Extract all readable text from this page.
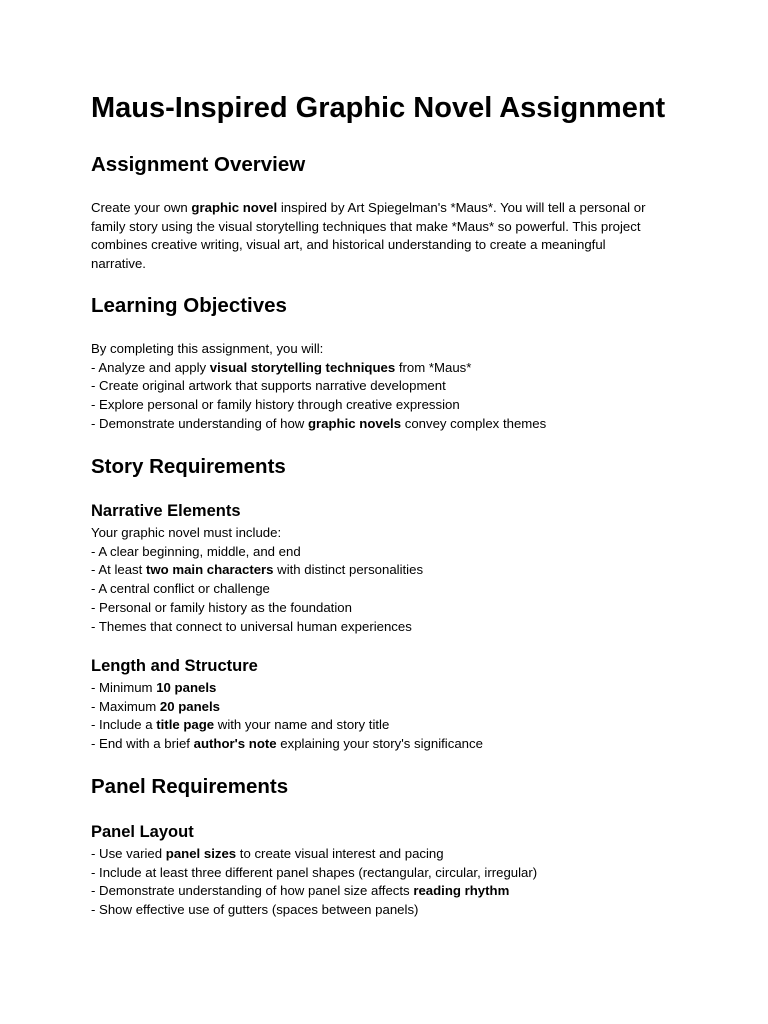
Maus-Inspired Graphic Novel Assignment
Assignment Overview
Create your own graphic novel inspired by Art Spiegelman's *Maus*. You will tell a personal or
family story using the visual storytelling techniques that make *Maus* so powerful. This project
combines creative writing, visual art, and historical understanding to create a meaningful
narrative.
Learning Objectives
By completing this assignment, you will:
- Analyze and apply visual storytelling techniques from *Maus*
- Create original artwork that supports narrative development
- Explore personal or family history through creative expression
- Demonstrate understanding of how graphic novels convey complex themes
Story Requirements
Narrative Elements
Your graphic novel must include:
- A clear beginning, middle, and end
- At least two main characters with distinct personalities
- A central conflict or challenge
- Personal or family history as the foundation
- Themes that connect to universal human experiences
Length and Structure
- Minimum 10 panels
- Maximum 20 panels
- Include a title page with your name and story title
- End with a brief author's note explaining your story's significance
Panel Requirements
Panel Layout
- Use varied panel sizes to create visual interest and pacing
- Include at least three different panel shapes (rectangular, circular, irregular)
- Demonstrate understanding of how panel size affects reading rhythm
- Show effective use of gutters (spaces between panels)
